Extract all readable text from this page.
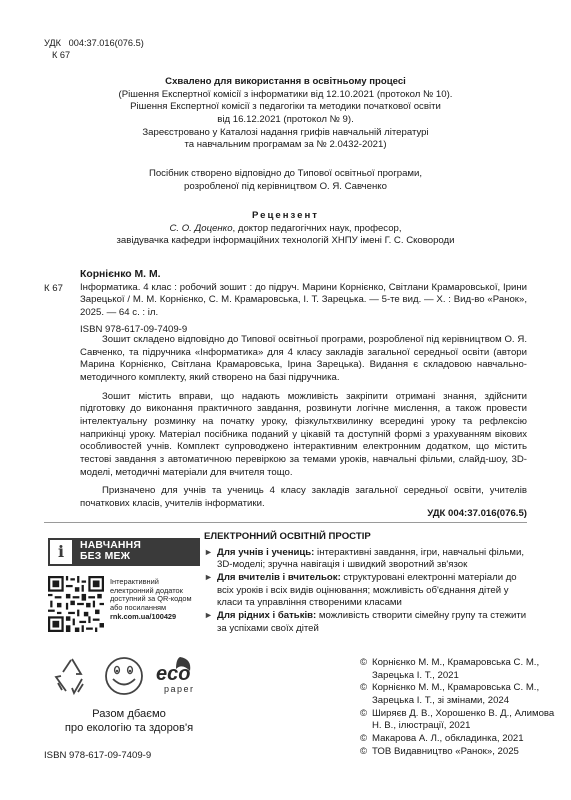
УДК   004:37.016(076.5)
К 67
Схвалено для використання в освітньому процесі
(Рішення Експертної комісії з інформатики від 12.10.2021 (протокол № 10).
Рішення Експертної комісії з педагогіки та методики початкової освіти
від 16.12.2021 (протокол № 9).
Зареєстровано у Каталозі надання грифів навчальній літературі
та навчальним програмам за № 2.0432-2021)
Посібник створено відповідно до Типової освітньої програми,
розробленої під керівництвом О. Я. Савченко
Рецензент
С. О. Доценко, доктор педагогічних наук, професор,
завідувачка кафедри інформаційних технологій ХНПУ імені Г. С. Сковороди
К 67
Корнієнко М. М.
Інформатика. 4 клас : робочий зошит : до підруч. Марини Корнієнко, Світлани Крамаровської, Ірини Зарецької / М. М. Корнієнко, С. М. Крамаровська, І. Т. Зарецька. — 5-те вид. — Х. : Вид-во «Ранок», 2025. — 64 с. : іл.
ISBN 978-617-09-7409-9

Зошит складено відповідно до Типової освітньої програми, розробленої під керівництвом О. Я. Савченко, та підручника «Інформатика» для 4 класу закладів загальної середньої освіти (автори Марина Корнієнко, Світлана Крамаровська, Ірина Зарецька). Видання є складовою навчально-методичного комплекту, який створено на базі підручника.

Зошит містить вправи, що надають можливість закріпити отримані знання, здійснити підготовку до виконання практичного завдання, розвинути логічне мислення, а також провести інтелектуальну розминку на початку уроку, фізкультхвилинку всередині уроку та рефлексію наприкінці уроку. Матеріал посібника поданий у цікавій та доступній формі з урахуванням вікових особливостей учнів. Комплект супроводжено інтерактивним електронним додатком, що містить тестові завдання з автоматичною перевіркою за темами уроків, навчальні фільми, слайд-шоу, 3D-моделі, методичні матеріали для вчителя тощо.

Призначено для учнів та учениць 4 класу закладів загальної середньої освіти, учителів початкових класів, учителів інформатики.

УДК 004:37.016(076.5)
i	НАВЧАННЯ
БЕЗ МЕЖ
Інтерактивний
електронний додаток
доступний за QR-кодом
або посиланням
rnk.com.ua/100429
ЕЛЕКТРОННИЙ ОСВІТНІЙ ПРОСТІР
► Для учнів і учениць: інтерактивні завдання, ігри, навчальні фільми, 3D-моделі; зручна навігація і швидкий зворотний зв'язок
► Для вчителів і вчительок: структуровані електронні матеріали до всіх уроків і всіх видів оцінювання; можливість об'єднання дітей у класи та управління створеними класами
► Для рідних і батьків: можливість створити сімейну групу та стежити за успіхами своїх дітей
eco
paper
Разом дбаємо
про екологію та здоров'я
ISBN 978-617-09-7409-9
© Корнієнко М. М., Крамаровська С. М., Зарецька І. Т., 2021
© Корнієнко М. М., Крамаровська С. М., Зарецька І. Т., зі змінами, 2024
© Ширяєв Д. В., Хорошенко В. Д., Алимова Н. В., ілюстрації, 2021
© Макарова А. Л., обкладинка, 2021
© ТОВ Видавництво «Ранок», 2025
